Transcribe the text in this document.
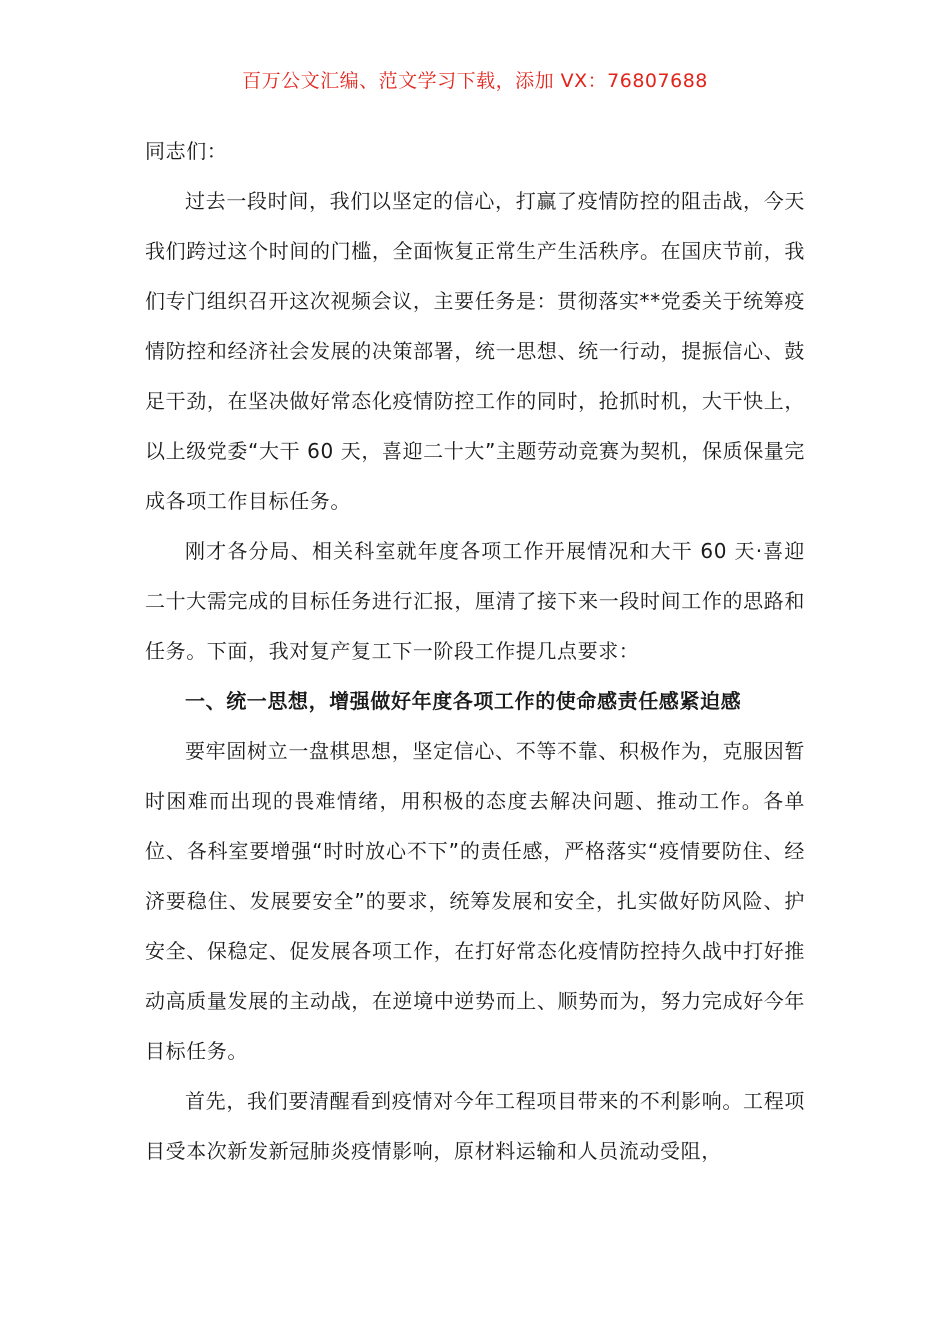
百万公文汇编、范文学习下载，添加 VX：76807688

同志们：

过去一段时间，我们以坚定的信心，打赢了疫情防控的阻击战，今天我们跨过这个时间的门槛，全面恢复正常生产生活秩序。在国庆节前，我们专门组织召开这次视频会议，主要任务是：贯彻落实**党委关于统筹疫情防控和经济社会发展的决策部署，统一思想、统一行动，提振信心、鼓足干劲，在坚决做好常态化疫情防控工作的同时，抢抓时机，大干快上，以上级党委“大干 60 天，喜迎二十大”主题劳动竞赛为契机，保质保量完成各项工作目标任务。

刚才各分局、相关科室就年度各项工作开展情况和大干 60 天·喜迎二十大需完成的目标任务进行汇报，厘清了接下来一段时间工作的思路和任务。下面，我对复产复工下一阶段工作提几点要求：

一、统一思想，增强做好年度各项工作的使命感责任感紧迫感

要牢固树立一盘棋思想，坚定信心、不等不靠、积极作为，克服因暂时困难而出现的畏难情绪，用积极的态度去解决问题、推动工作。各单位、各科室要增强“时时放心不下”的责任感，严格落实“疫情要防住、经济要稳住、发展要安全”的要求，统筹发展和安全，扎实做好防风险、护安全、保稳定、促发展各项工作，在打好常态化疫情防控持久战中打好推动高质量发展的主动战，在逆境中逆势而上、顺势而为，努力完成好今年目标任务。

首先，我们要清醒看到疫情对今年工程项目带来的不利影响。工程项目受本次新发新冠肺炎疫情影响，原材料运输和人员流动受阻，
